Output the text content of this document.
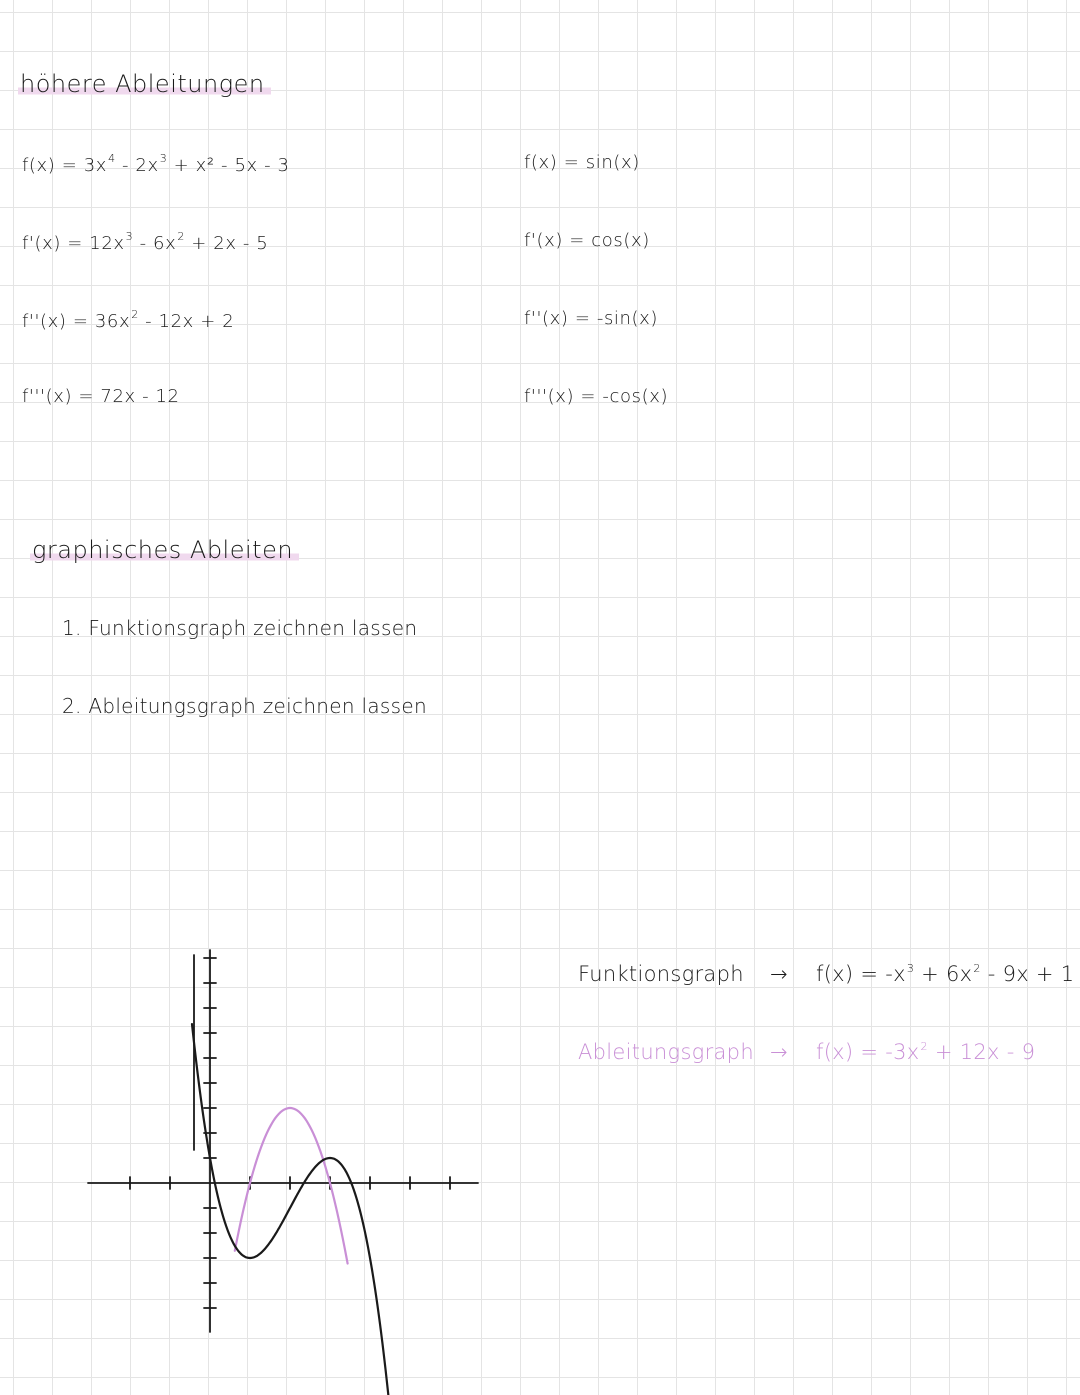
höhere Ableitungen
$f(x) = 3x^4 - 2x^3 + x^2 - 5x - 3$
$f'(x) = 12x^3 - 6x^2 + 2x - 5$
$f''(x) = 36x^2 - 12x + 2$
f'''(x) = 72x - 12
f(x) = sin(x)
f'(x) = cos(x)
f''(x) = -sin(x)
f'''(x) = -cos(x)
graphisches Ableiten
1. Funktionsgraph zeichnen lassen
2. Ableitungsgraph zeichnen lassen
Funktionsgraph → $f(x) = -x^3 + 6x^2 - 9x + 1$
Ableitungsgraph → $f(x) = -3x^2 + 12x - 9$
